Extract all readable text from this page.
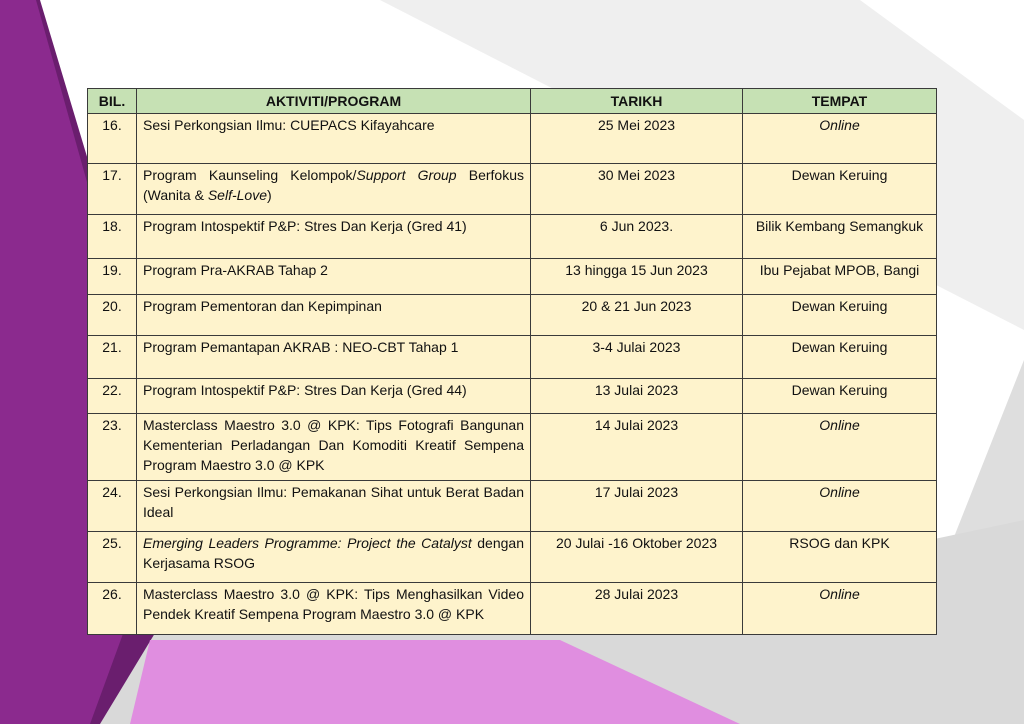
BIL.	AKTIVITI/PROGRAM	TARIKH	TEMPAT
16.	Sesi Perkongsian Ilmu: CUEPACS Kifayahcare	25 Mei 2023	Online
17.	Program Kaunseling Kelompok/Support Group Berfokus (Wanita & Self-Love)	30 Mei 2023	Dewan Keruing
18.	Program Intospektif P&P: Stres Dan Kerja (Gred 41)	6 Jun 2023.	Bilik Kembang Semangkuk
19.	Program Pra-AKRAB Tahap 2	13 hingga 15 Jun 2023	Ibu Pejabat MPOB, Bangi
20.	Program Pementoran dan Kepimpinan	20 & 21 Jun 2023	Dewan Keruing
21.	Program Pemantapan AKRAB : NEO-CBT Tahap 1	3-4 Julai 2023	Dewan Keruing
22.	Program Intospektif P&P: Stres Dan Kerja (Gred 44)	13 Julai 2023	Dewan Keruing
23.	Masterclass Maestro 3.0 @ KPK: Tips Fotografi Bangunan Kementerian Perladangan Dan Komoditi Kreatif Sempena Program Maestro 3.0 @ KPK	14 Julai 2023	Online
24.	Sesi Perkongsian Ilmu: Pemakanan Sihat untuk Berat Badan Ideal	17 Julai 2023	Online
25.	Emerging Leaders Programme: Project the Catalyst dengan Kerjasama RSOG	20 Julai -16 Oktober 2023	RSOG dan KPK
26.	Masterclass Maestro 3.0 @ KPK: Tips Menghasilkan Video Pendek Kreatif Sempena Program Maestro 3.0 @ KPK	28 Julai 2023	Online
